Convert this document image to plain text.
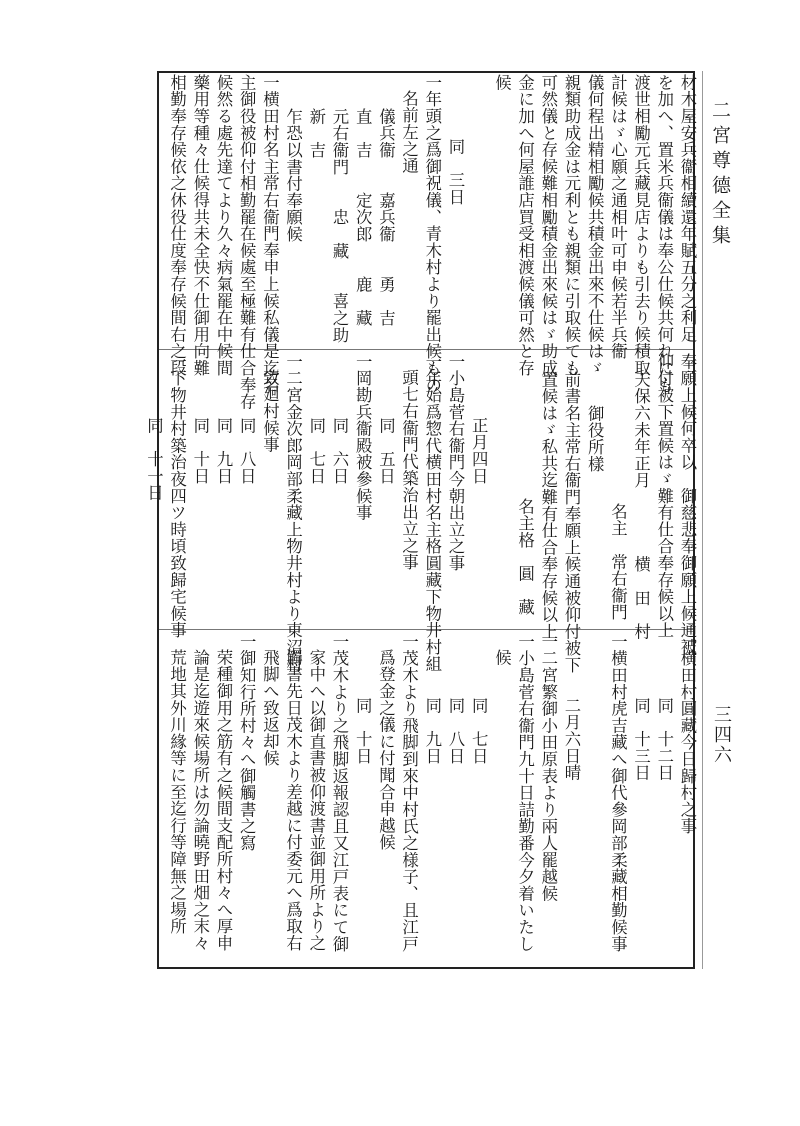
二宮尊德全集
三四六
材木屋安兵衞相續還年賦五分之利足
を加へ、置米兵衞儀は奉公仕候共何れにも
渡世相勵元兵藏見店よりも引去り候積取
計候はゞ心願之通相叶可申候若半兵衞
儀何程出精相勵候共積金出來不仕候はゞ
親類助成金は元利とも親類に引取候ても
可然儀と存候難相勵積金出來候はゞ助成
金に加へ何屋誰店買受相渡候儀可然と存
候
同　三日
一年頭之爲御祝儀、青木村より罷出候もの
名前左之通
儀兵衞　　嘉兵衞　　勇　吉
直　吉　　定次郎　　鹿　藏
元右衞門　　忠　藏　　喜之助
新　吉
乍恐以書付奉願候
一横田村名主常右衞門奉申上候私儀是迄名
主御役被仰付相勤罷在候處至極難有仕合奉存
候然る處先達てより久々病氣罷在中候間
藥用等種々仕候得共未全快不仕御用向難
相勤奉存候依之休役仕度奉存候間右之段
奉願上候何卒以　御慈悲奉御願上候通被
仰付被下置候はゞ難有仕合奉存候以上
天保六未年正月　　　　横　田　村
名主　常右衞門
御役所樣
前書名主常右衞門奉願上候通被仰付被下
置候はゞ私共迄難有仕合奉存候以上
名主格　圓　藏
正月四日
一小島菅右衞門今朝出立之事
一年始爲惣代横田村名主格圓藏下物井村組
頭七右衞門代築治出立之事
同　五日
一岡勘兵衞殿被參候事
同　六日
同　七日
一二宮金次郎岡部柔藏上物井村より東沼村
致廻村候事
同　八日
同　九日
同　十日
一下物井村築治夜四ツ時頃致歸宅候事
同　十一日
一横田村圓藏今日歸村之事
同　十二日
同　十三日
一横田村虎吉藏へ御代參岡部柔藏相勤候事
二月六日晴
一二宮繁御小田原表より兩人罷越候
一小島菅右衞門九十日詰勤番今夕着いたし
候
同　七日
同　八日
同　九日
一茂木より飛脚到來中村氏之様子、且江戸
爲登金之儀に付聞合申越候
同　十日
一茂木より之飛脚返報認且又江戸表にて御
家中へ以御直書被仰渡書並御用所より之
觸書先日茂木より差越に付委元へ爲取右
飛脚へ致返却候
一御知行所村々へ御觸書之寫
荣種御用之筋有之候間支配所村々へ厚申
論是迄遊來候場所は勿論曉野田畑之末々
荒地其外川緣等に至迄行等障無之場所
